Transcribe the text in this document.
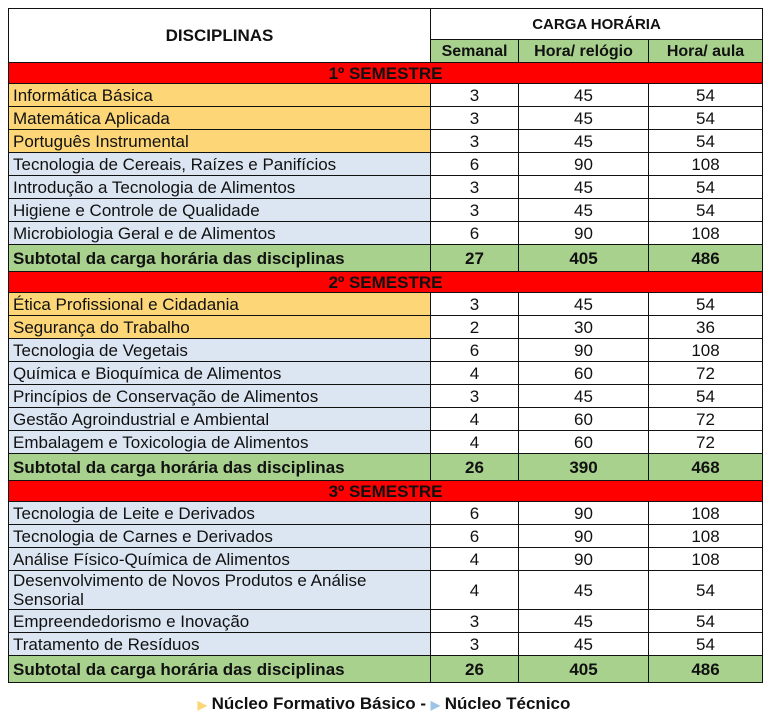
DISCIPLINAS	CARGA HORÁRIA		
	Semanal	Hora/ relógio	Hora/ aula
1º SEMESTRE			
Informática Básica	3	45	54
Matemática Aplicada	3	45	54
Português Instrumental	3	45	54
Tecnologia de Cereais, Raízes e Panifícios	6	90	108
Introdução a Tecnologia de Alimentos	3	45	54
Higiene e Controle de Qualidade	3	45	54
Microbiologia Geral e de Alimentos	6	90	108
Subtotal da carga horária das disciplinas	27	405	486
2º SEMESTRE			
Ética Profissional e Cidadania	3	45	54
Segurança do Trabalho	2	30	36
Tecnologia de Vegetais	6	90	108
Química e Bioquímica de Alimentos	4	60	72
Princípios de Conservação de Alimentos	3	45	54
Gestão Agroindustrial e Ambiental	4	60	72
Embalagem e Toxicologia de Alimentos	4	60	72
Subtotal da carga horária das disciplinas	26	390	468
3º SEMESTRE			
Tecnologia de Leite e Derivados	6	90	108
Tecnologia de Carnes e Derivados	6	90	108
Análise Físico-Química de Alimentos	4	90	108
Desenvolvimento de Novos Produtos e Análise Sensorial	4	45	54
Empreendedorismo e Inovação	3	45	54
Tratamento de Resíduos	3	45	54
Subtotal da carga horária das disciplinas	26	405	486
▶ Núcleo Formativo Básico - ▶ Núcleo Técnico
